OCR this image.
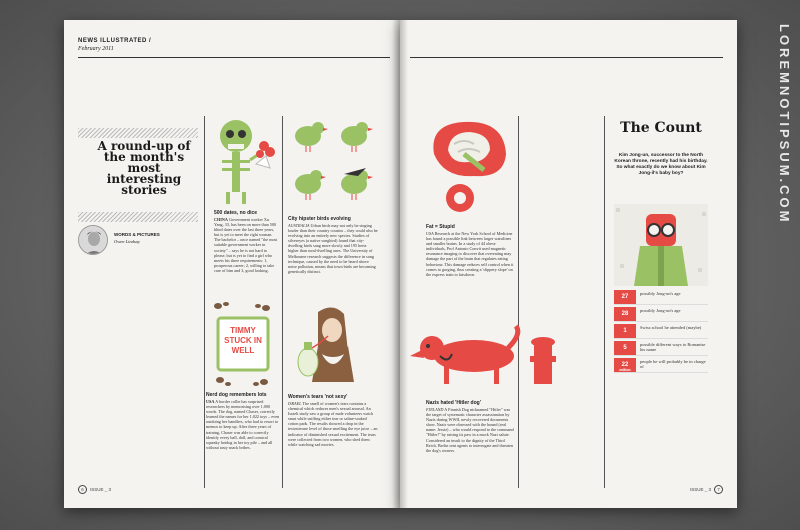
LOREMNOTIPSUM.COM
NEWS ILLUSTRATED /
February 2011
A round-up of the month's most interesting stories
WORDS & PICTURES
Owen Lindsay
500 dates, no dice
CHINA Government worker Xu Yang, 33, has been on more than 500 blind dates over the last three years, but is yet to meet the right woman. The bachelor – once named "the most suitable government worker in society" – says he is not hard to please, but is yet to find a girl who meets his three requirements: 1, prosperous career; 2, willing to take care of him and 3, good looking.
City hipster birds evolving
AUSTRALIA Urban birds may not only be singing louder than their country cousins – they could also be evolving into an entirely new species. Studies of silvereyes (a native songbird) found that city-dwelling birds sang more slowly and 195 hertz higher than rural-dwelling ones. The University of Melbourne research suggests the difference in song technique, caused by the need to be heard above noise pollution, means that town birds are becoming genetically distinct.
TIMMY STUCK IN WELL
Nerd dog remembers lots
USA A border collie has surprised researchers by memorising over 1,000 words. The dog, named Chaser, correctly learned the names for her 1,022 toys – even outdoing her handlers, who had to resort to memos to keep up. After three years of training, Chaser was able to correctly identify every ball, doll, and comical squeaky hotdog in her toy pile – and all without tasty snack bribes.
Women's tears 'not sexy'
ISRAEL The smell of women's tears contains a chemical which reduces men's sexual arousal. An Israeli study saw a group of male volunteers watch smut while sniffing either tear or saline-soaked cotton pads. The results showed a drop in the testosterone level of those smelling the eye juice – an indicator of diminished sexual excitement. The tears were collected from two women, who shed them while watching sad movies.
6	ISSUE _ 3
Fat = Stupid
USA Research at the New York School of Medicine has found a possible link between larger waistlines and smaller brains. In a study of 44 obese individuals, Prof Antonio Convit used magnetic resonance imaging to discover that overeating may damage the part of the brain that regulates eating behaviour. This damage reduces self control when it comes to gorging, thus creating a 'slippery slope' on the express train to fatsdown.
Nazis hated 'Hitler dog'
FINLAND A Finnish Dog nicknamed "Hitler" was the target of systematic character assassination by Nazis during WWII, newly recovered documents show. Nazis were obsessed with the hound (real name: Jessie) – who would respond to the command "Hitler!" by raising its paw in a mock Nazi salute. Considered an insult to the dignity of the Third Reich, Berlin sent agents to interrogate and threaten the dog's owners.
The Count
Kim Jong-un, successor to the North Korean throne, recently had his birthday. So what exactly do we know about Kim Jong-il's baby boy?
27
possibly Jong-un's age
28
possibly Jong-un's age
1
Swiss school he attended (maybe)
5
possible different ways to Romanise his name
22
million
people he will probably be in charge of
ISSUE _ 3	7
